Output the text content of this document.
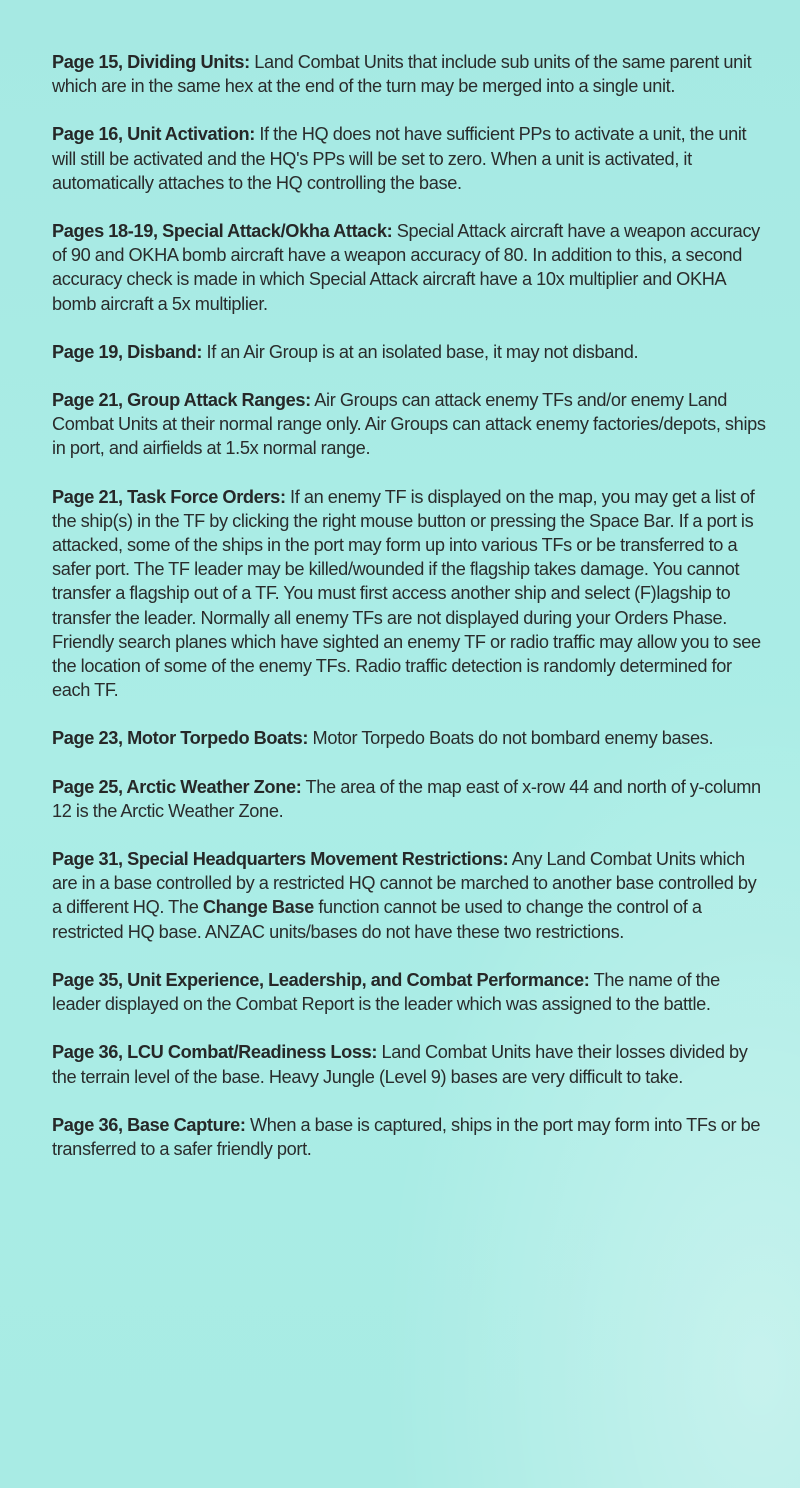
Page 15, Dividing Units: Land Combat Units that include sub units of the same parent unit which are in the same hex at the end of the turn may be merged into a single unit.

Page 16, Unit Activation: If the HQ does not have sufficient PPs to activate a unit, the unit will still be activated and the HQ's PPs will be set to zero. When a unit is activated, it automatically attaches to the HQ controlling the base.

Pages 18-19, Special Attack/Okha Attack: Special Attack aircraft have a weapon accuracy of 90 and OKHA bomb aircraft have a weapon accuracy of 80. In addition to this, a second accuracy check is made in which Special Attack aircraft have a 10x multiplier and OKHA bomb aircraft a 5x multiplier.

Page 19, Disband: If an Air Group is at an isolated base, it may not disband.

Page 21, Group Attack Ranges: Air Groups can attack enemy TFs and/or enemy Land Combat Units at their normal range only. Air Groups can attack enemy factories/depots, ships in port, and airfields at 1.5x normal range.

Page 21, Task Force Orders: If an enemy TF is displayed on the map, you may get a list of the ship(s) in the TF by clicking the right mouse button or pressing the Space Bar. If a port is attacked, some of the ships in the port may form up into various TFs or be transferred to a safer port. The TF leader may be killed/wounded if the flagship takes damage. You cannot transfer a flagship out of a TF. You must first access another ship and select (F)lagship to transfer the leader. Normally all enemy TFs are not displayed during your Orders Phase. Friendly search planes which have sighted an enemy TF or radio traffic may allow you to see the location of some of the enemy TFs. Radio traffic detection is randomly determined for each TF.

Page 23, Motor Torpedo Boats: Motor Torpedo Boats do not bombard enemy bases.

Page 25, Arctic Weather Zone: The area of the map east of x-row 44 and north of y-column 12 is the Arctic Weather Zone.

Page 31, Special Headquarters Movement Restrictions: Any Land Combat Units which are in a base controlled by a restricted HQ cannot be marched to another base controlled by a different HQ. The Change Base function cannot be used to change the control of a restricted HQ base. ANZAC units/bases do not have these two restrictions.

Page 35, Unit Experience, Leadership, and Combat Performance: The name of the leader displayed on the Combat Report is the leader which was assigned to the battle.

Page 36, LCU Combat/Readiness Loss: Land Combat Units have their losses divided by the terrain level of the base. Heavy Jungle (Level 9) bases are very difficult to take.

Page 36, Base Capture: When a base is captured, ships in the port may form into TFs or be transferred to a safer friendly port.
